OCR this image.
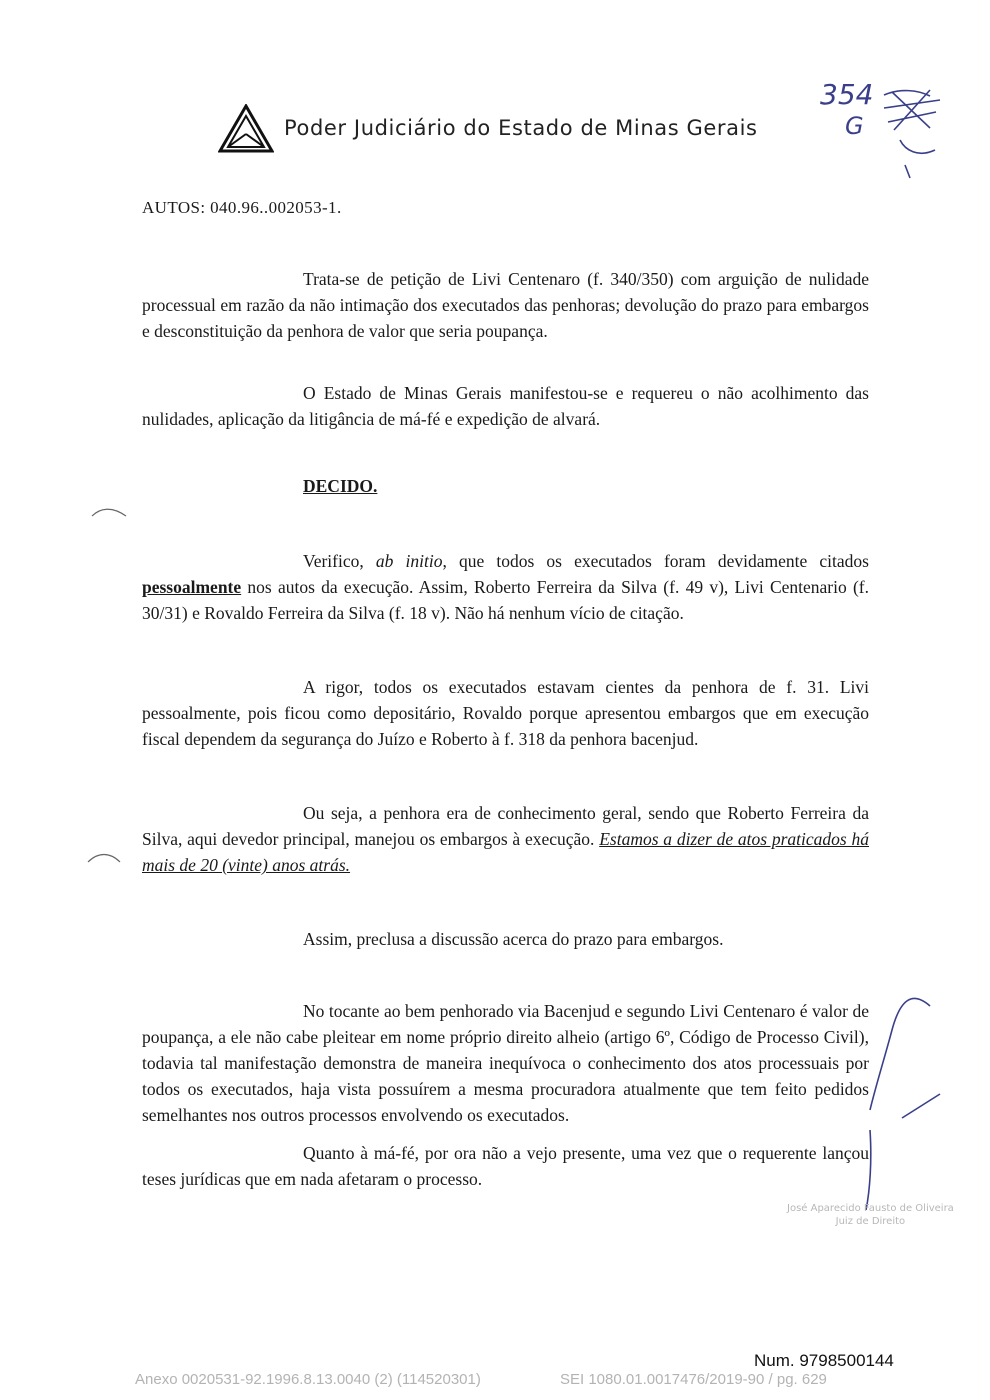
Poder Judiciário do Estado de Minas Gerais
354
G
AUTOS: 040.96..002053-1.

Trata-se de petição de Livi Centenaro (f. 340/350) com arguição de nulidade processual em razão da não intimação dos executados das penhoras; devolução do prazo para embargos e desconstituição da penhora de valor que seria poupança.

O Estado de Minas Gerais manifestou-se e requereu o não acolhimento das nulidades, aplicação da litigância de má-fé e expedição de alvará.

DECIDO.

Verifico, ab initio, que todos os executados foram devidamente citados pessoalmente nos autos da execução. Assim, Roberto Ferreira da Silva (f. 49 v), Livi Centenario (f. 30/31) e Rovaldo Ferreira da Silva (f. 18 v). Não há nenhum vício de citação.

A rigor, todos os executados estavam cientes da penhora de f. 31. Livi pessoalmente, pois ficou como depositário, Rovaldo porque apresentou embargos que em execução fiscal dependem da segurança do Juízo e Roberto à f. 318 da penhora bacenjud.

Ou seja, a penhora era de conhecimento geral, sendo que Roberto Ferreira da Silva, aqui devedor principal, manejou os embargos à execução. Estamos a dizer de atos praticados há mais de 20 (vinte) anos atrás.

Assim, preclusa a discussão acerca do prazo para embargos.

No tocante ao bem penhorado via Bacenjud e segundo Livi Centenaro é valor de poupança, a ele não cabe pleitear em nome próprio direito alheio (artigo 6º, Código de Processo Civil), todavia tal manifestação demonstra de maneira inequívoca o conhecimento dos atos processuais por todos os executados, haja vista possuírem a mesma procuradora atualmente que tem feito pedidos semelhantes nos outros processos envolvendo os executados.

Quanto à má-fé, por ora não a vejo presente, uma vez que o requerente lançou teses jurídicas que em nada afetaram o processo.

José Aparecido Fausto de Oliveira
Juiz de Direito
Num. 9798500144
Anexo 0020531-92.1996.8.13.0040 (2) (114520301)	SEI 1080.01.0017476/2019-90 / pg. 629
